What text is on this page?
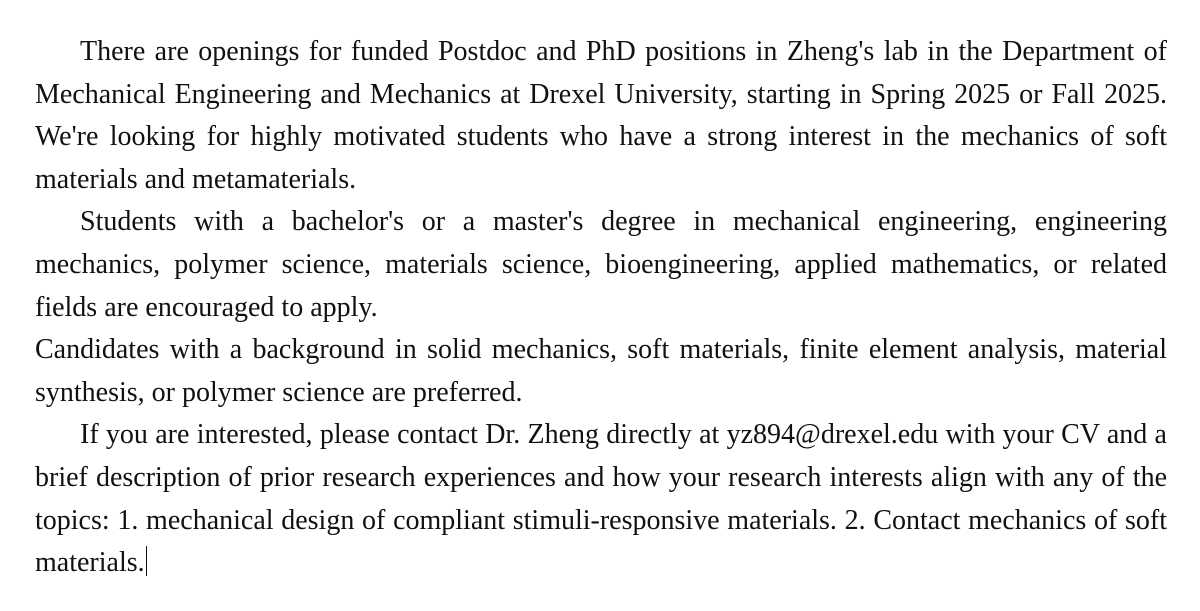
There are openings for funded Postdoc and PhD positions in Zheng's lab in the Department of Mechanical Engineering and Mechanics at Drexel University, starting in Spring 2025 or Fall 2025. We're looking for highly motivated students who have a strong interest in the mechanics of soft materials and metamaterials.

Students with a bachelor's or a master's degree in mechanical engineering, engineering mechanics, polymer science, materials science, bioengineering, applied mathematics, or related fields are encouraged to apply.

Candidates with a background in solid mechanics, soft materials, finite element analysis, material synthesis, or polymer science are preferred.

If you are interested, please contact Dr. Zheng directly at yz894@drexel.edu with your CV and a brief description of prior research experiences and how your research interests align with any of the topics: 1. mechanical design of compliant stimuli-responsive materials. 2. Contact mechanics of soft materials.
